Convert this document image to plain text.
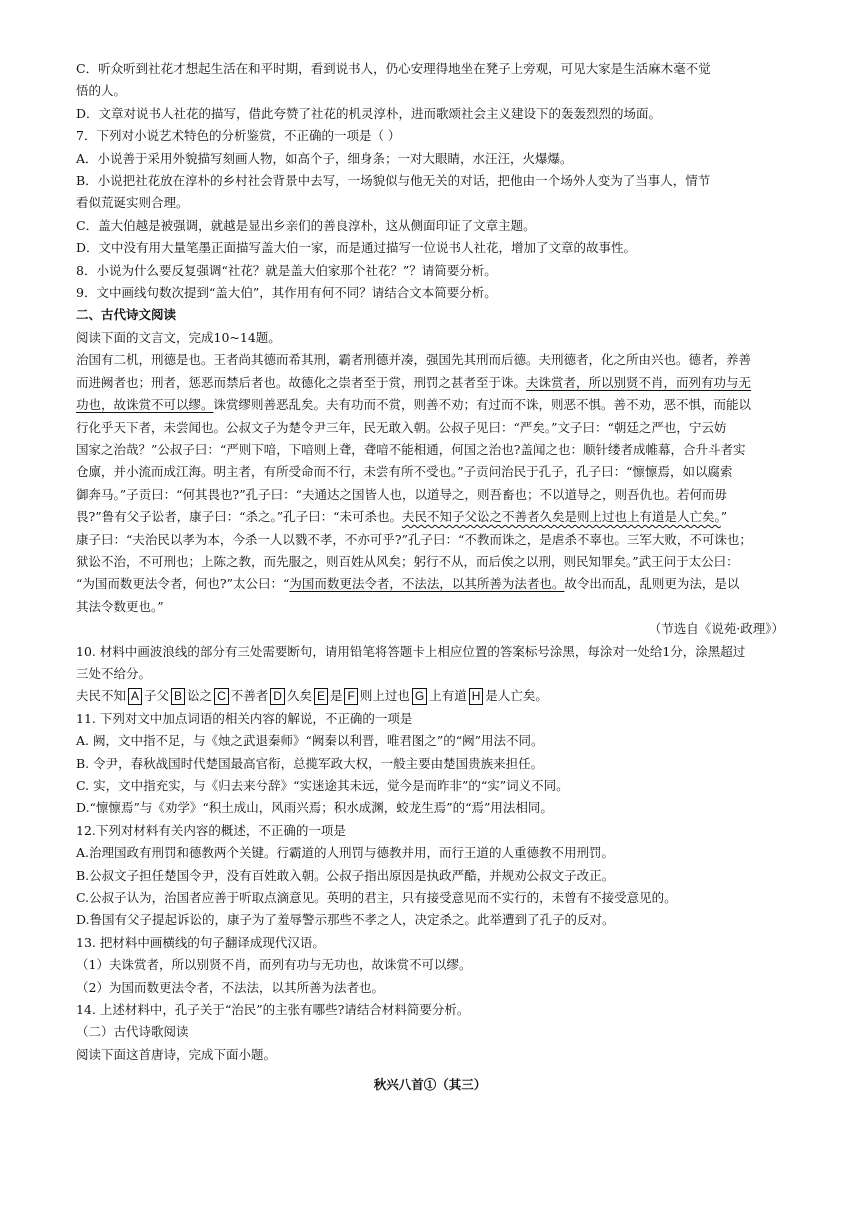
C．听众听到社花才想起生活在和平时期，看到说书人，仍心安理得地坐在凳子上旁观，可见大家是生活麻木毫不觉

悟的人。

D．文章对说书人社花的描写，借此夸赞了社花的机灵淳朴，进而歌颂社会主义建设下的轰轰烈烈的场面。

7．下列对小说艺术特色的分析鉴赏，不正确的一项是（ ）

A．小说善于采用外貌描写刻画人物，如高个子，细身条；一对大眼睛，水汪汪，火爆爆。

B．小说把社花放在淳朴的乡村社会背景中去写，一场貌似与他无关的对话，把他由一个场外人变为了当事人，情节

看似荒诞实则合理。

C．盖大伯越是被强调，就越是显出乡亲们的善良淳朴，这从侧面印证了文章主题。

D．文中没有用大量笔墨正面描写盖大伯一家，而是通过描写一位说书人社花，增加了文章的故事性。

8．小说为什么要反复强调“社花？就是盖大伯家那个社花？”？请简要分析。

9．文中画线句数次提到“盖大伯”，其作用有何不同？请结合文本简要分析。

二、古代诗文阅读

阅读下面的文言文，完成10~14题。

治国有二机，刑德是也。王者尚其德而希其刑，霸者刑德并凑，强国先其刑而后德。夫刑德者，化之所由兴也。德者，养善

而进阙者也；刑者，惩恶而禁后者也。故德化之崇者至于赏，刑罚之甚者至于诛。夫诛赏者，所以别贤不肖，而列有功与无

功也，故诛赏不可以缪。诛赏缪则善恶乱矣。夫有功而不赏，则善不劝；有过而不诛，则恶不惧。善不劝，恶不惧，而能以

行化乎天下者，未尝闻也。公叔文子为楚令尹三年，民无敢入朝。公叔子见曰：“严矣。”文子曰：“朝廷之严也，宁云妨

国家之治哉？”公叔子曰：“严则下喑，下喑则上聋，聋喑不能相通，何国之治也?盖闻之也：顺针缕者成帷幕，合升斗者实

仓廪，并小流而成江海。明主者，有所受命而不行，未尝有所不受也。”子贡问治民于孔子，孔子曰：“懔懔焉，如以腐索

御奔马。”子贡曰：“何其畏也?”孔子曰：“夫通达之国皆人也，以道导之，则吾畜也；不以道导之，则吾仇也。若何而毋

畏?”鲁有父子讼者，康子曰：“杀之。”孔子曰：“未可杀也。夫民不知子父讼之不善者久矣是则上过也上有道是人亡矣。”

康子曰：“夫治民以孝为本，今杀一人以戮不孝，不亦可乎?”孔子曰：“不教而诛之，是虐杀不辜也。三军大败，不可诛也；

狱讼不治，不可刑也；上陈之教，而先服之，则百姓从风矣；躬行不从，而后俟之以刑，则民知罪矣。”武王问于太公曰：

“为国而数更法令者，何也?”太公曰：“为国而数更法令者，不法法，以其所善为法者也。故令出而乱，乱则更为法，是以

其法令数更也。”

（节选自《说苑·政理》）

10. 材料中画波浪线的部分有三处需要断句，请用铅笔将答题卡上相应位置的答案标号涂黑，每涂对一处给1分，涂黑超过

三处不给分。

夫民不知 A 子父 B 讼之 C 不善者 D 久矣 E 是 F 则上过也 G 上有道 H 是人亡矣。

11. 下列对文中加点词语的相关内容的解说，不正确的一项是

A. 阙，文中指不足，与《烛之武退秦师》“阙秦以利晋，唯君图之”的“阙”用法不同。

B. 令尹，春秋战国时代楚国最高官衔，总揽军政大权，一般主要由楚国贵族来担任。

C. 实，文中指充实，与《归去来兮辞》“实迷途其未远，觉今是而昨非”的“实”词义不同。

D.“懔懔焉”与《劝学》“积土成山，风雨兴焉；积水成渊，蛟龙生焉”的“焉”用法相同。

12.下列对材料有关内容的概述，不正确的一项是

A.治理国政有刑罚和德教两个关键。行霸道的人刑罚与德教并用，而行王道的人重德教不用刑罚。

B.公叔文子担任楚国令尹，没有百姓敢入朝。公叔子指出原因是执政严酷，并规劝公叔文子改正。

C.公叔子认为，治国者应善于听取点滴意见。英明的君主，只有接受意见而不实行的，未曾有不接受意见的。

D.鲁国有父子提起诉讼的，康子为了羞辱警示那些不孝之人，决定杀之。此举遭到了孔子的反对。

13. 把材料中画横线的句子翻译成现代汉语。

（1）夫诛赏者，所以别贤不肖，而列有功与无功也，故诛赏不可以缪。

（2）为国而数更法令者，不法法，以其所善为法者也。

14. 上述材料中，孔子关于“治民”的主张有哪些?请结合材料简要分析。

（二）古代诗歌阅读

阅读下面这首唐诗，完成下面小题。

秋兴八首①（其三）
